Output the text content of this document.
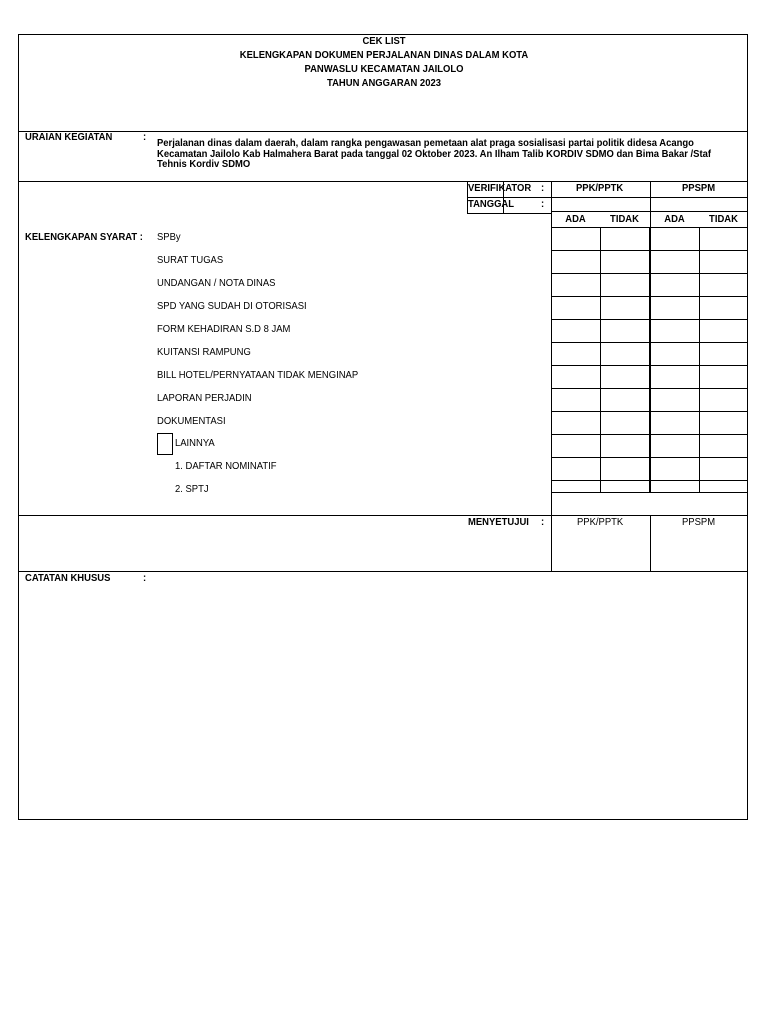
CEK LIST
KELENGKAPAN DOKUMEN PERJALANAN DINAS DALAM KOTA
PANWASLU KECAMATAN JAILOLO
TAHUN ANGGARAN 2023
URAIAN KEGIATAN	: Perjalanan dinas dalam daerah, dalam rangka pengawasan pemetaan alat praga sosialisasi partai politik didesa Acango Kecamatan Jailolo Kab Halmahera Barat pada tanggal 02 Oktober 2023. An Ilham Talib KORDIV SDMO dan Bima Bakar /Staf Tehnis Kordiv SDMO
VERIFIKATOR :
TANGGAL	:
PPK/PPTK	PPSPM
ADA	TIDAK	ADA	TIDAK
KELENGKAPAN SYARAT : SPBy
SURAT TUGAS
UNDANGAN / NOTA DINAS
SPD YANG SUDAH DI OTORISASI
FORM KEHADIRAN S.D 8 JAM
KUITANSI RAMPUNG
BILL HOTEL/PERNYATAAN TIDAK MENGINAP
LAPORAN PERJADIN
DOKUMENTASI
LAINNYA
1. DAFTAR NOMINATIF
2. SPTJ
MENYETUJUI :	PPK/PPTK	PPSPM
CATATAN KHUSUS	:
